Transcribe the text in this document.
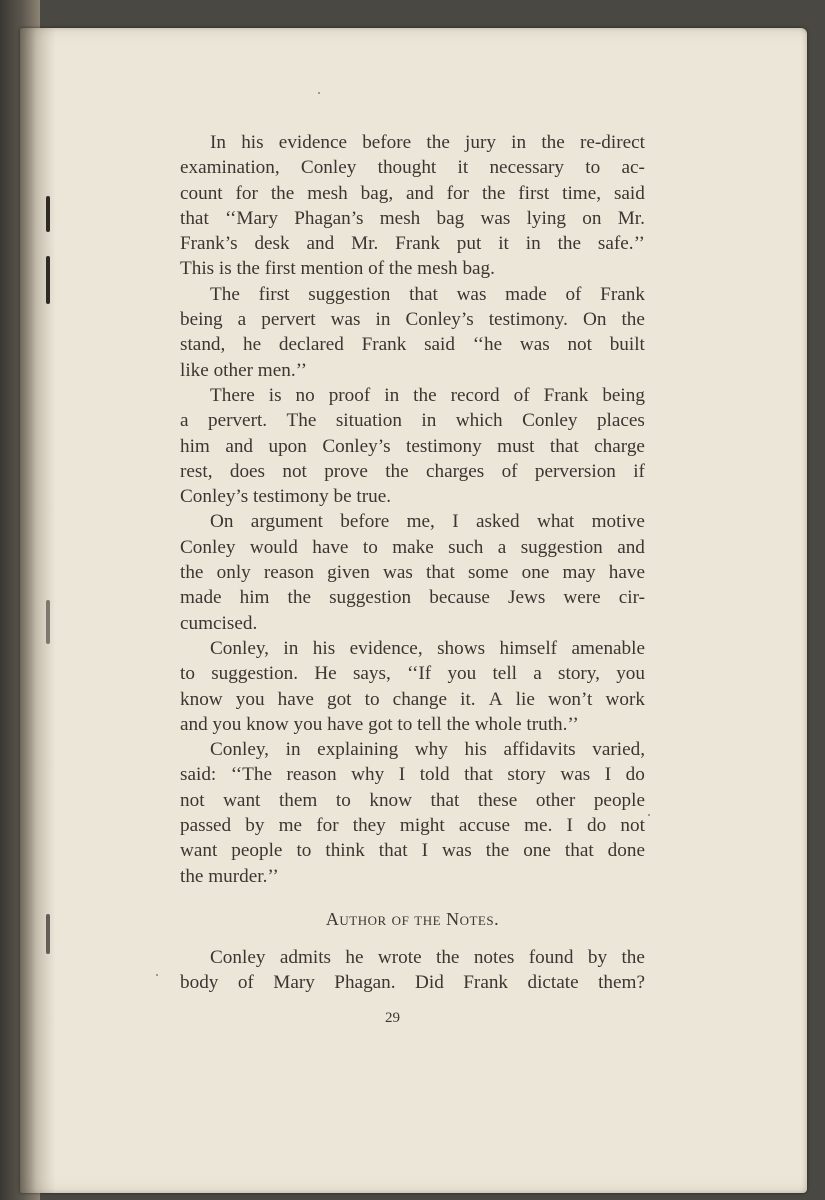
In his evidence before the jury in the re-direct
examination, Conley thought it necessary to ac-
count for the mesh bag, and for the first time, said
that ‘‘Mary Phagan’s mesh bag was lying on Mr.
Frank’s desk and Mr. Frank put it in the safe.’’
This is the first mention of the mesh bag.
The first suggestion that was made of Frank
being a pervert was in Conley’s testimony. On the
stand, he declared Frank said ‘‘he was not built
like other men.’’
There is no proof in the record of Frank being
a pervert. The situation in which Conley places
him and upon Conley’s testimony must that charge
rest, does not prove the charges of perversion if
Conley’s testimony be true.
On argument before me, I asked what motive
Conley would have to make such a suggestion and
the only reason given was that some one may have
made him the suggestion because Jews were cir-
cumcised.
Conley, in his evidence, shows himself amenable
to suggestion. He says, ‘‘If you tell a story, you
know you have got to change it. A lie won’t work
and you know you have got to tell the whole truth.’’
Conley, in explaining why his affidavits varied,
said: ‘‘The reason why I told that story was I do
not want them to know that these other people
passed by me for they might accuse me. I do not
want people to think that I was the one that done
the murder.’’
Author of the Notes.
Conley admits he wrote the notes found by the
body of Mary Phagan. Did Frank dictate them?
29
